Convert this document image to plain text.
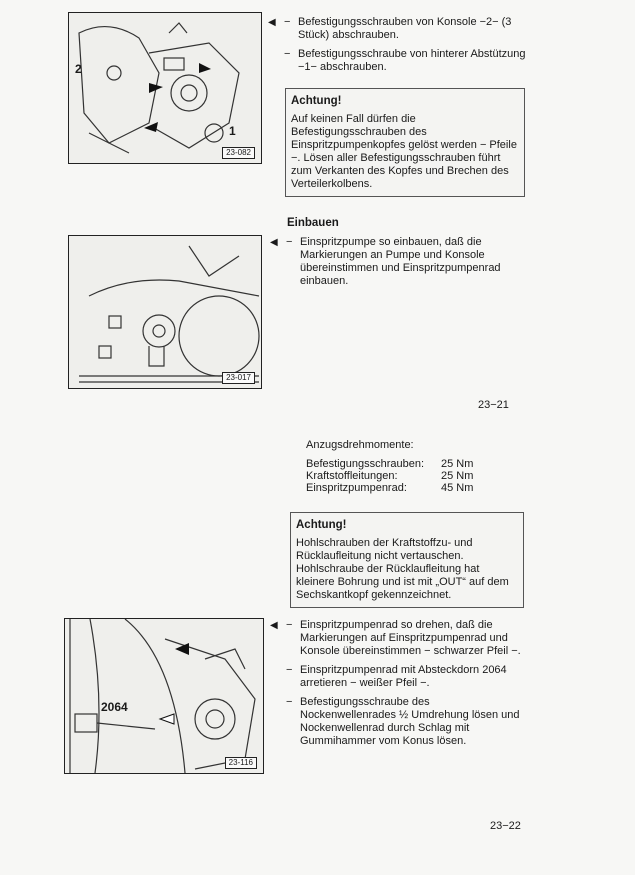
2
1
23-082
◀ − Befestigungsschrauben von Konsole −2− (3 Stück) abschrauben.
− Befestigungsschraube von hinterer Abstützung −1− abschrauben.
Achtung!

Auf keinen Fall dürfen die Befestigungsschrauben des Einspritzpumpenkopfes gelöst werden − Pfeile −. Lösen aller Befestigungsschrauben führt zum Verkanten des Kopfes und Brechen des Verteilerkolbens.

Einbauen
23-017
◀ − Einspritzpumpe so einbauen, daß die Markierungen an Pumpe und Konsole übereinstimmen und Einspritzpumpenrad einbauen.
23−21
Anzugsdrehmomente:
Befestigungsschrauben:	25 Nm
Kraftstoffleitungen:	25 Nm
Einspritzpumpenrad:	45 Nm
Achtung!

Hohlschrauben der Kraftstoffzu- und Rücklaufleitung nicht vertauschen. Hohlschraube der Rücklaufleitung hat kleinere Bohrung und ist mit „OUT“ auf dem Sechskantkopf gekennzeichnet.

2064
23-116
◀ − Einspritzpumpenrad so drehen, daß die Markierungen auf Einspritzpumpenrad und Konsole übereinstimmen − schwarzer Pfeil −.
− Einspritzpumpenrad mit Absteckdorn 2064 arretieren − weißer Pfeil −.
− Befestigungsschraube des Nockenwellenrades ½ Umdrehung lösen und Nockenwellenrad durch Schlag mit Gummihammer vom Konus lösen.
23−22
